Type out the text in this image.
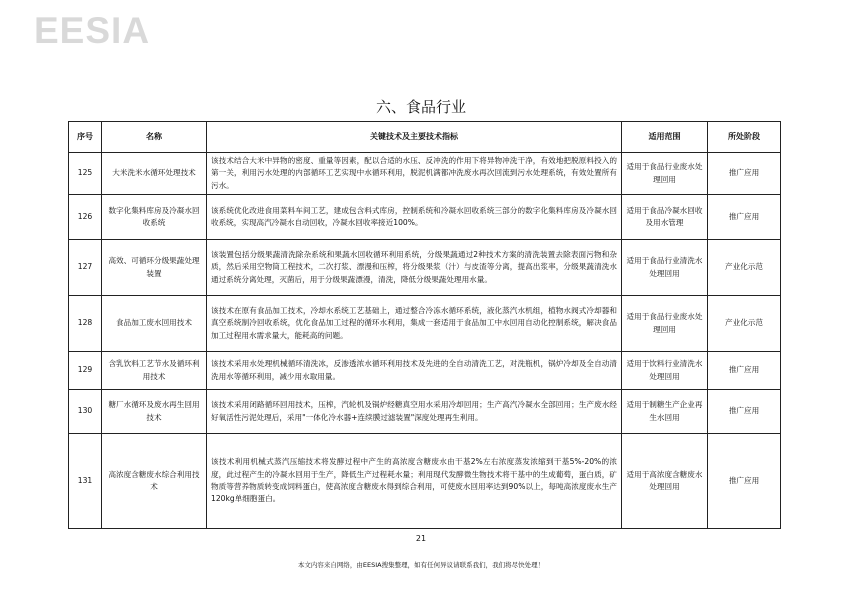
EESIA
六、食品行业
序号	名称	关键技术及主要技术指标	适用范围	所处阶段
125	大米洗米水循环处理技术	该技术结合大米中异物的密度、重量等因素，配以合适的水压、反冲洗的作用下将异物冲洗干净，有效地把脱原料投入的第一关，利用污水处理的内部循环工艺实现中水循环利用，脱泥机满都冲洗废水再次回流到污水处理系统，有效处置所有污水。	适用于食品行业废水处理回用	推广应用
126	数字化集料库房及冷凝水回收系统	该系统优化改进食用菜料车间工艺，建成包含料式库房，控制系统和冷凝水回收系统三部分的数字化集料库房及冷凝水回收系统，实现高汽冷凝水自动回收，冷凝水回收率接近100%。	适用于食品冷凝水回收及用水管理	推广应用
127	高效、可循环分级果蔬处理装置	该装置包括分级果蔬清洗除杂系统和果蔬水回收循环利用系统，分级果蔬通过2种技术方案的清洗装置去除表面污物和杂质，然后采用空物筒工程技术，二次打浆、漂漫和压榨，将分级果浆（汁）与皮渣等分离，提高出浆率，分级果蔬清洗水通过系统分离处理，灭菌后，用于分级果蔬漂漫，清洗，降低分级果蔬处理用水量。	适用于食品行业清洗水处理回用	产业化示范
128	食品加工废水回用技术	该技术在原有食品加工技术，冷却水系统工艺基础上，通过整合冷冻水循环系统，液化蒸汽水机组，植物水阀式冷却器和真空系统制冷回收系统，优化食品加工过程的循环水利用，集成一套适用于食品加工中水回用自动化控制系统，解决食品加工过程用水需求量大，能耗高的问题。	适用于食品行业废水处理回用	产业化示范
129	含乳饮料工艺节水及循环利用技术	该技术采用水处理机械循环清洗冰，反渗透浓水循环利用技术及先进的全自动清洗工艺，对洗瓶机，锅炉冷却及全自动清洗用水等循环利用，减少用水取用量。	适用于饮料行业清洗水处理回用	推广应用
130	糖厂水循环及废水再生回用技术	该技术采用闭路循环回用技术，压榨，汽轮机及锅炉经糖真空用水采用冷却回用；生产高汽冷凝水全部回用；生产废水经好氧活性污泥处理后，采用"一体化冷水器+连续膜过滤装置"深度处理再生利用。	适用于制糖生产企业再生水回用	推广应用
131	高浓度含糖废水综合利用技术	该技术利用机械式蒸汽压缩技术将发酵过程中产生的高浓度含糖废水由干基2%左右浓度蒸发浓缩到干基5%-20%的浓度，此过程产生的冷凝水回用于生产，降低生产过程耗水量；利用现代发酵微生物技术将干基中的生成葡萄，蛋白质，矿物质等营养物质转变成饲料蛋白，使高浓度含糖废水得到综合利用，可使废水回用率达到90%以上，每吨高浓度废水生产120kg单细胞蛋白。	适用于高浓度含糖废水处理回用	推广应用
21
本文内容来自网络，由EESIA搜集整理，如有任何异议请联系我们，我们将尽快处理！
